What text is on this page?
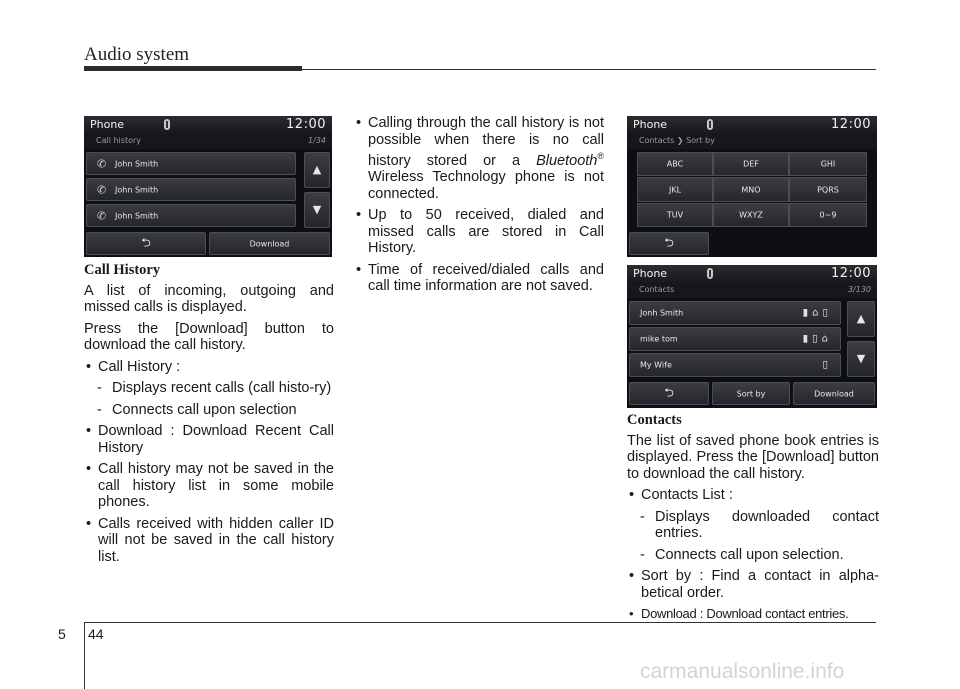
Audio system
Phone	12:00
Call history	1/34
✆ John Smith
✆ John Smith
✆ John Smith
▲
▼
⮌	Download

Call History

A list of incoming, outgoing and missed calls is displayed.

Press the [Download] button to download the call history.

• Call History :
- Displays recent calls (call histo-ry)
- Connects call upon selection
• Download : Download Recent Call History
• Call history may not be saved in the call history list in some mobile phones.
• Calls received with hidden caller ID will not be saved in the call history list.
• Calling through the call history is not possible when there is no call history stored or a Bluetooth® Wireless Technology phone is not connected.
• Up to 50 received, dialed and missed calls are stored in Call History.
• Time of received/dialed calls and call time information are not saved.
Phone	12:00
Contacts ❯ Sort by
ABC	DEF	GHI
JKL	MNO	PQRS
TUV	WXYZ	0~9
⮌
Phone	12:00
Contacts	3/130
Jonh Smith	▮⌂▯
mike tom	▮▯⌂
My Wife	▯
▲
▼
⮌	Sort by	Download

Contacts

The list of saved phone book entries is displayed. Press the [Download] button to download the call history.

• Contacts List :
- Displays downloaded contact entries.
- Connects call upon selection.
• Sort by : Find a contact in alpha-betical order.
• Download : Download contact entries.
5 44
carmanualsonline.info
